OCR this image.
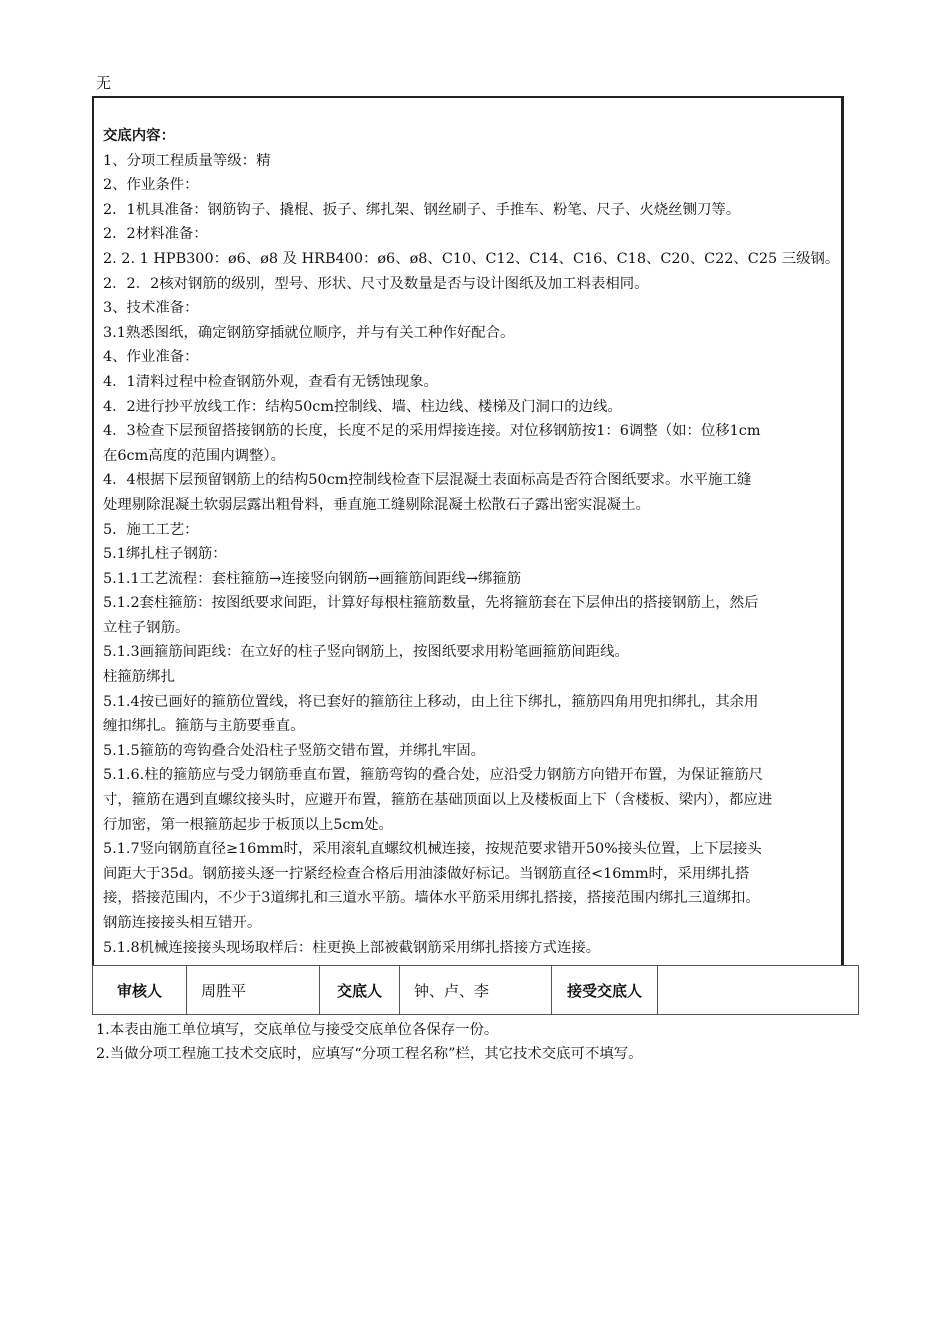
无
交底内容：
1、分项工程质量等级：精
2、作业条件：
2．1机具准备：钢筋钩子、撬棍、扳子、绑扎架、钢丝刷子、手推车、粉笔、尺子、火烧丝铡刀等。
2．2材料准备：
2. 2. 1 HPB300：ø6、ø8 及 HRB400：ø6、ø8、C10、C12、C14、C16、C18、C20、C22、C25 三级钢。
2．2．2核对钢筋的级别，型号、形状、尺寸及数量是否与设计图纸及加工料表相同。
3、技术准备：
3.1熟悉图纸，确定钢筋穿插就位顺序，并与有关工种作好配合。
4、作业准备：
4．1清料过程中检查钢筋外观，查看有无锈蚀现象。
4．2进行抄平放线工作：结构50cm控制线、墙、柱边线、楼梯及门洞口的边线。
4．3检查下层预留搭接钢筋的长度，长度不足的采用焊接连接。对位移钢筋按1：6调整（如：位移1cm
在6cm高度的范围内调整）。
4．4根据下层预留钢筋上的结构50cm控制线检查下层混凝土表面标高是否符合图纸要求。水平施工缝
处理剔除混凝土软弱层露出粗骨料，垂直施工缝剔除混凝土松散石子露出密实混凝土。
5．施工工艺：
5.1绑扎柱子钢筋：
5.1.1工艺流程：套柱箍筋→连接竖向钢筋→画箍筋间距线→绑箍筋
5.1.2套柱箍筋：按图纸要求间距，计算好每根柱箍筋数量，先将箍筋套在下层伸出的搭接钢筋上，然后
立柱子钢筋。
5.1.3画箍筋间距线：在立好的柱子竖向钢筋上，按图纸要求用粉笔画箍筋间距线。
柱箍筋绑扎
5.1.4按已画好的箍筋位置线，将已套好的箍筋往上移动，由上往下绑扎，箍筋四角用兜扣绑扎，其余用
缠扣绑扎。箍筋与主筋要垂直。
5.1.5箍筋的弯钩叠合处沿柱子竖筋交错布置，并绑扎牢固。
5.1.6.柱的箍筋应与受力钢筋垂直布置，箍筋弯钩的叠合处，应沿受力钢筋方向错开布置，为保证箍筋尺
寸，箍筋在遇到直螺纹接头时，应避开布置，箍筋在基础顶面以上及楼板面上下（含楼板、梁内），都应进
行加密，第一根箍筋起步于板顶以上5cm处。
5.1.7竖向钢筋直径≥16mm时，采用滚轧直螺纹机械连接，按规范要求错开50%接头位置，上下层接头
间距大于35d。钢筋接头逐一拧紧经检查合格后用油漆做好标记。当钢筋直径<16mm时，采用绑扎搭
接，搭接范围内，不少于3道绑扎和三道水平筋。墙体水平筋采用绑扎搭接，搭接范围内绑扎三道绑扣。
钢筋连接接头相互错开。
5.1.8机械连接接头现场取样后：柱更换上部被截钢筋采用绑扎搭接方式连接。
审核人	周胜平	交底人	钟、卢、李	接受交底人	
1.本表由施工单位填写，交底单位与接受交底单位各保存一份。
2.当做分项工程施工技术交底时，应填写“分项工程名称”栏，其它技术交底可不填写。
